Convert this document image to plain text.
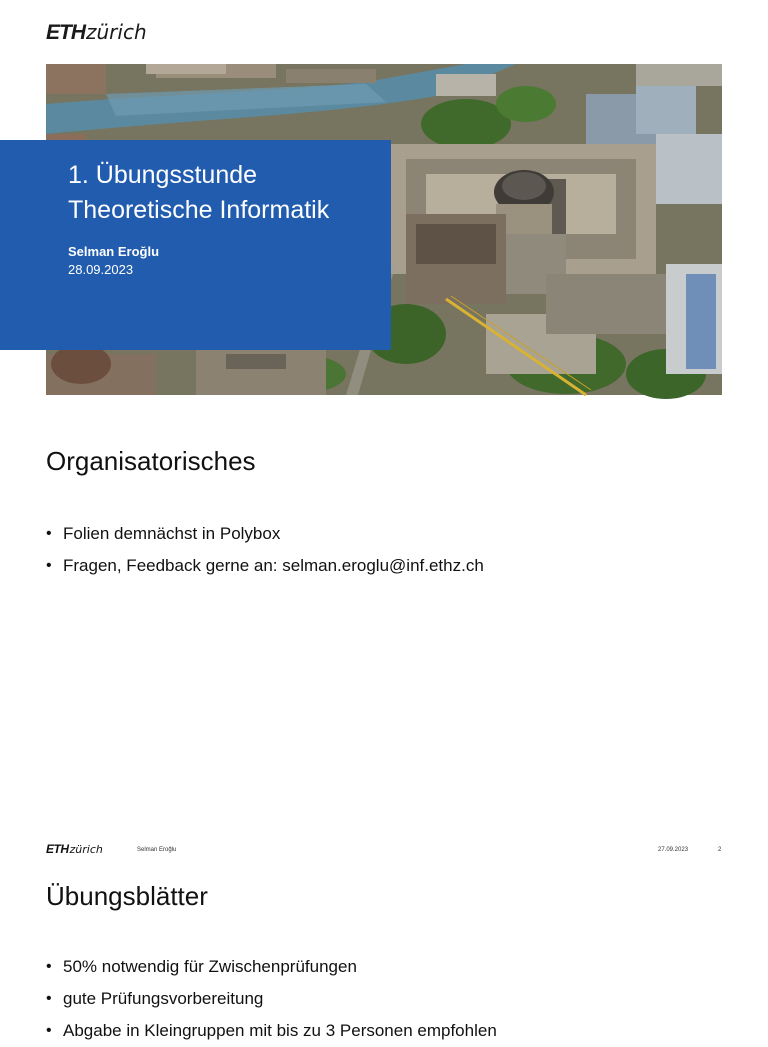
ETH zürich
1. Übungsstunde
Theoretische Informatik
Selman Eroğlu
28.09.2023
Organisatorisches
• Folien demnächst in Polybox
• Fragen, Feedback gerne an: selman.eroglu@inf.ethz.ch
ETH zürich	Selman Eroğlu	27.09.2023	2
Übungsblätter
• 50% notwendig für Zwischenprüfungen
• gute Prüfungsvorbereitung
• Abgabe in Kleingruppen mit bis zu 3 Personen empfohlen
